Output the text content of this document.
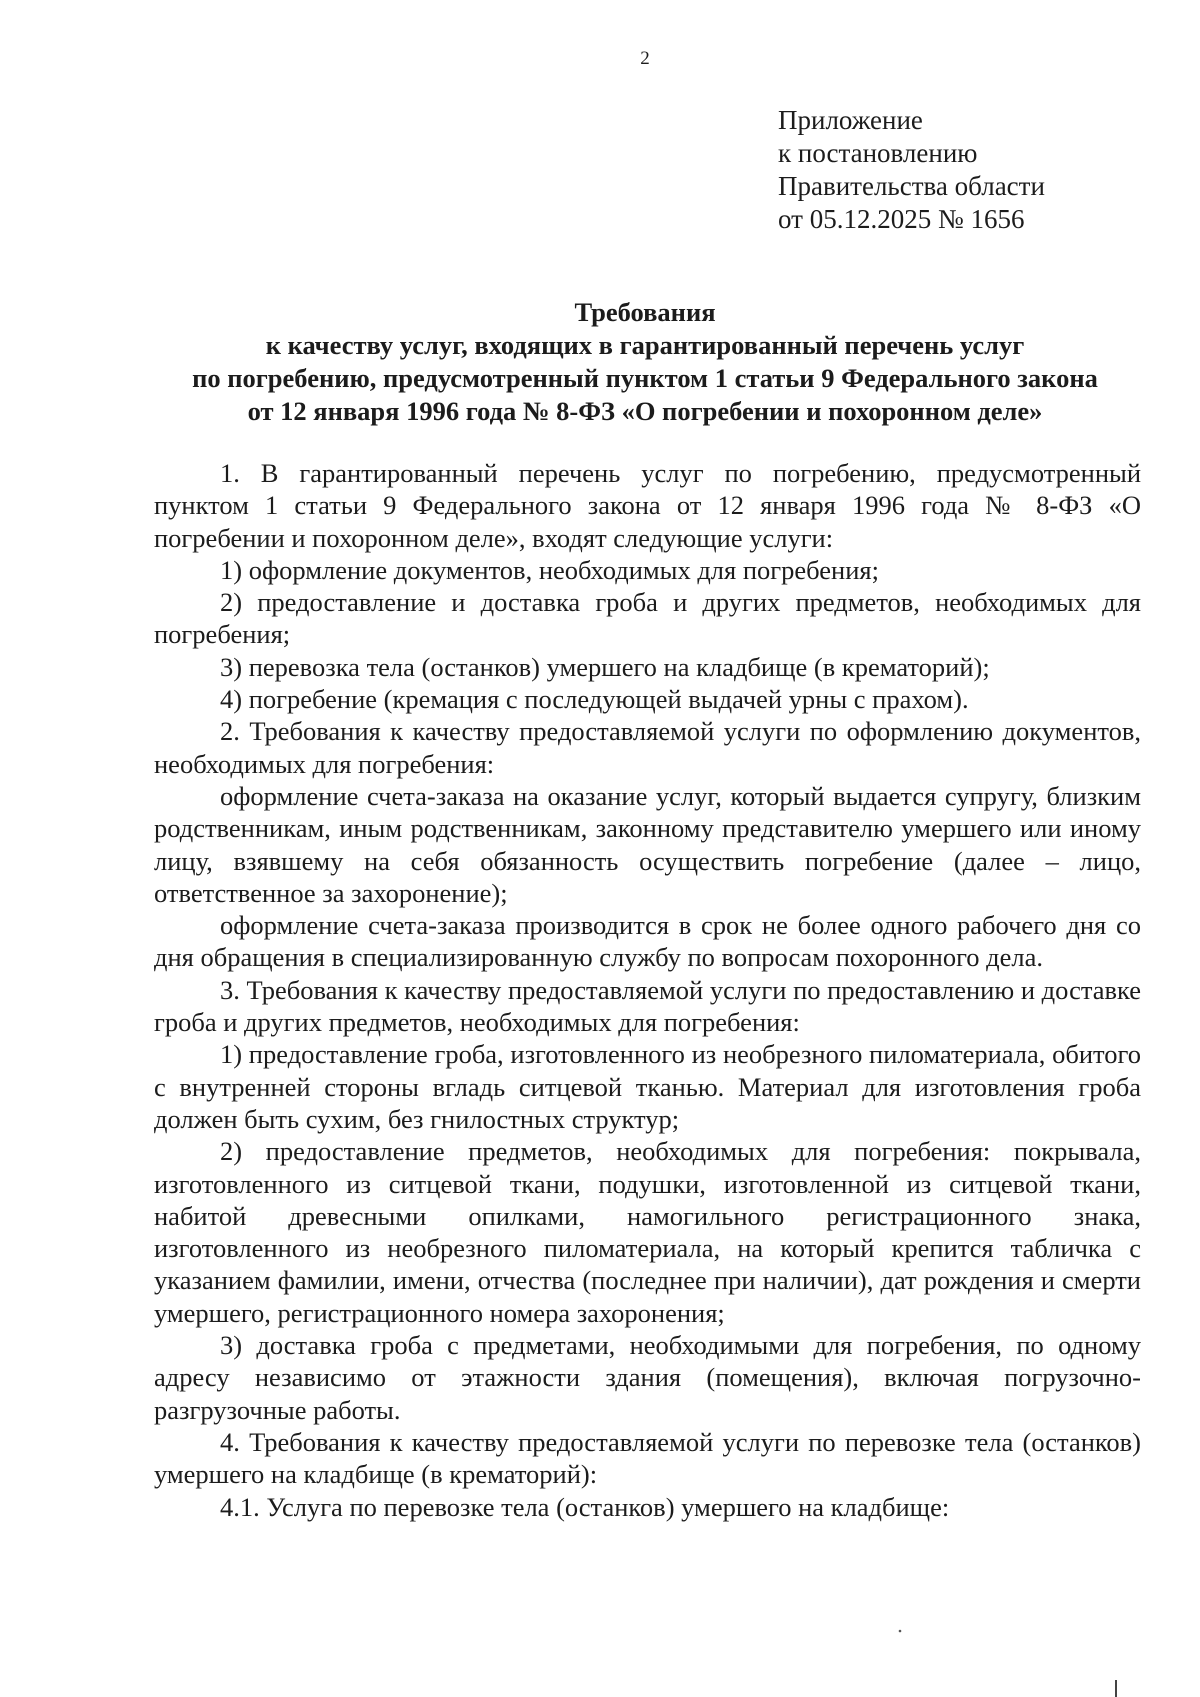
2
Приложение
к постановлению
Правительства области
от 05.12.2025 № 1656
Требования
к качеству услуг, входящих в гарантированный перечень услуг
по погребению, предусмотренный пунктом 1 статьи 9 Федерального закона
от 12 января 1996 года № 8-ФЗ «О погребении и похоронном деле»

1. В гарантированный перечень услуг по погребению, предусмотренный пунктом 1 статьи 9 Федерального закона от 12 января 1996 года № 8-ФЗ «О погребении и похоронном деле», входят следующие услуги:

1) оформление документов, необходимых для погребения;

2) предоставление и доставка гроба и других предметов, необходимых для погребения;

3) перевозка тела (останков) умершего на кладбище (в крематорий);

4) погребение (кремация с последующей выдачей урны с прахом).

2. Требования к качеству предоставляемой услуги по оформлению документов, необходимых для погребения:

оформление счета-заказа на оказание услуг, который выдается супругу, близким родственникам, иным родственникам, законному представителю умершего или иному лицу, взявшему на себя обязанность осуществить погребение (далее – лицо, ответственное за захоронение);

оформление счета-заказа производится в срок не более одного рабочего дня со дня обращения в специализированную службу по вопросам похоронного дела.

3. Требования к качеству предоставляемой услуги по предоставлению и доставке гроба и других предметов, необходимых для погребения:

1) предоставление гроба, изготовленного из необрезного пиломатериала, обитого с внутренней стороны вгладь ситцевой тканью. Материал для изготовления гроба должен быть сухим, без гнилостных структур;

2) предоставление предметов, необходимых для погребения: покрывала, изготовленного из ситцевой ткани, подушки, изготовленной из ситцевой ткани, набитой древесными опилками, намогильного регистрационного знака, изготовленного из необрезного пиломатериала, на который крепится табличка с указанием фамилии, имени, отчества (последнее при наличии), дат рождения и смерти умершего, регистрационного номера захоронения;

3) доставка гроба с предметами, необходимыми для погребения, по одному адресу независимо от этажности здания (помещения), включая погрузочно-разгрузочные работы.

4. Требования к качеству предоставляемой услуги по перевозке тела (останков) умершего на кладбище (в крематорий):

4.1. Услуга по перевозке тела (останков) умершего на кладбище:
